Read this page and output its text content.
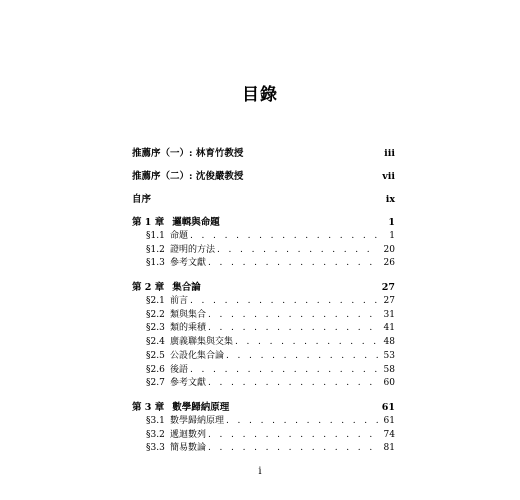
目錄
推薦序（一）: 林育竹教授	iii
推薦序（二）: 沈俊嚴教授	vii
自序	ix
第 1 章 邏輯與命題	1
§1.1 命題 . . .	1
§1.2 證明的方法 . . .	20
§1.3 參考文獻 . . .	26
第 2 章 集合論	27
§2.1 前言 . . .	27
§2.2 類與集合 . . .	31
§2.3 類的乘積 . . .	41
§2.4 廣義聯集與交集 . . .	48
§2.5 公設化集合論 . . .	53
§2.6 後語 . . .	58
§2.7 參考文獻 . . .	60
第 3 章 數學歸納原理	61
§3.1 數學歸納原理 . . .	61
§3.2 遞迴數列 . . .	74
§3.3 簡易數論 . . .	81
i
